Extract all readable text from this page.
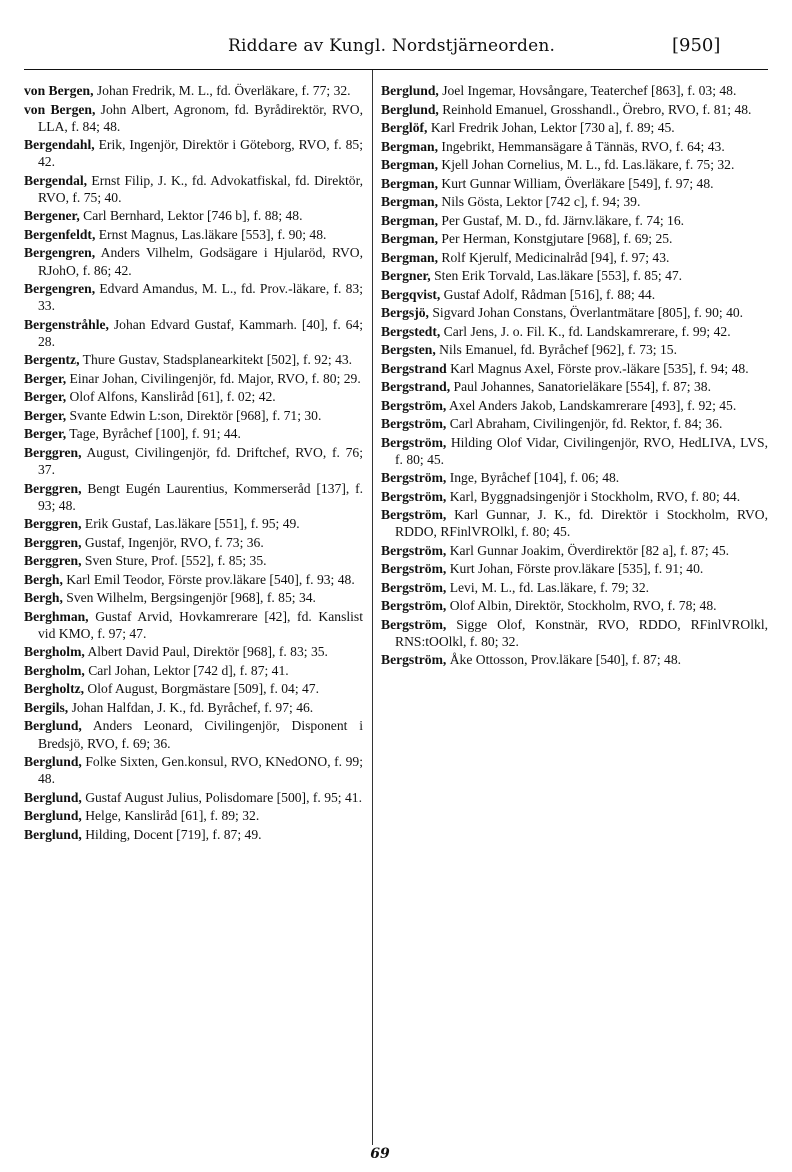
Riddare av Kungl. Nordstjärneorden.	[950]

von Bergen, Johan Fredrik, M. L., fd. Överläkare, f. 77; 32.

von Bergen, John Albert, Agronom, fd. Byrådirektör, RVO, LLA, f. 84; 48.

Bergendahl, Erik, Ingenjör, Direktör i Göteborg, RVO, f. 85; 42.

Bergendal, Ernst Filip, J. K., fd. Advokatfiskal, fd. Direktör, RVO, f. 75; 40.

Bergener, Carl Bernhard, Lektor [746 b], f. 88; 48.

Bergenfeldt, Ernst Magnus, Las.läkare [553], f. 90; 48.

Bergengren, Anders Vilhelm, Godsägare i Hjularöd, RVO, RJohO, f. 86; 42.

Bergengren, Edvard Amandus, M. L., fd. Prov.-läkare, f. 83; 33.

Bergenstråhle, Johan Edvard Gustaf, Kammarh. [40], f. 64; 28.

Bergentz, Thure Gustav, Stadsplanearkitekt [502], f. 92; 43.

Berger, Einar Johan, Civilingenjör, fd. Major, RVO, f. 80; 29.

Berger, Olof Alfons, Kansliråd [61], f. 02; 42.

Berger, Svante Edwin L:son, Direktör [968], f. 71; 30.

Berger, Tage, Byråchef [100], f. 91; 44.

Berggren, August, Civilingenjör, fd. Driftchef, RVO, f. 76; 37.

Berggren, Bengt Eugén Laurentius, Kommerseråd [137], f. 93; 48.

Berggren, Erik Gustaf, Las.läkare [551], f. 95; 49.

Berggren, Gustaf, Ingenjör, RVO, f. 73; 36.

Berggren, Sven Sture, Prof. [552], f. 85; 35.

Bergh, Karl Emil Teodor, Förste prov.läkare [540], f. 93; 48.

Bergh, Sven Wilhelm, Bergsingenjör [968], f. 85; 34.

Berghman, Gustaf Arvid, Hovkamrerare [42], fd. Kanslist vid KMO, f. 97; 47.

Bergholm, Albert David Paul, Direktör [968], f. 83; 35.

Bergholm, Carl Johan, Lektor [742 d], f. 87; 41.

Bergholtz, Olof August, Borgmästare [509], f. 04; 47.

Bergils, Johan Halfdan, J. K., fd. Byråchef, f. 97; 46.

Berglund, Anders Leonard, Civilingenjör, Disponent i Bredsjö, RVO, f. 69; 36.

Berglund, Folke Sixten, Gen.konsul, RVO, KNedONO, f. 99; 48.

Berglund, Gustaf August Julius, Polisdomare [500], f. 95; 41.

Berglund, Helge, Kanslіråd [61], f. 89; 32.

Berglund, Hilding, Docent [719], f. 87; 49.

Berglund, Joel Ingemar, Hovsångare, Teaterchef [863], f. 03; 48.

Berglund, Reinhold Emanuel, Grosshandl., Örebro, RVO, f. 81; 48.

Berglöf, Karl Fredrik Johan, Lektor [730 a], f. 89; 45.

Bergman, Ingebrikt, Hemmansägare å Tännäs, RVO, f. 64; 43.

Bergman, Kjell Johan Cornelius, M. L., fd. Las.läkare, f. 75; 32.

Bergman, Kurt Gunnar William, Överläkare [549], f. 97; 48.

Bergman, Nils Gösta, Lektor [742 c], f. 94; 39.

Bergman, Per Gustaf, M. D., fd. Järnv.läkare, f. 74; 16.

Bergman, Per Herman, Konstgjutare [968], f. 69; 25.

Bergman, Rolf Kjerulf, Medicinalråd [94], f. 97; 43.

Bergner, Sten Erik Torvald, Las.läkare [553], f. 85; 47.

Bergqvist, Gustaf Adolf, Rådman [516], f. 88; 44.

Bergsjö, Sigvard Johan Constans, Överlantmätare [805], f. 90; 40.

Bergstedt, Carl Jens, J. o. Fil. K., fd. Landskamrerare, f. 99; 42.

Bergsten, Nils Emanuel, fd. Byråchef [962], f. 73; 15.

Bergstrand Karl Magnus Axel, Förste prov.-läkare [535], f. 94; 48.

Bergstrand, Paul Johannes, Sanatorieläkare [554], f. 87; 38.

Bergström, Axel Anders Jakob, Landskamrerare [493], f. 92; 45.

Bergström, Carl Abraham, Civilingenjör, fd. Rektor, f. 84; 36.

Bergström, Hilding Olof Vidar, Civilingenjör, RVO, HedLIVA, LVS, f. 80; 45.

Bergström, Inge, Byråchef [104], f. 06; 48.

Bergström, Karl, Byggnadsingenjör i Stockholm, RVO, f. 80; 44.

Bergström, Karl Gunnar, J. K., fd. Direktör i Stockholm, RVO, RDDO, RFinlVROlkl, f. 80; 45.

Bergström, Karl Gunnar Joakim, Överdirektör [82 a], f. 87; 45.

Bergström, Kurt Johan, Förste prov.läkare [535], f. 91; 40.

Bergström, Levi, M. L., fd. Las.läkare, f. 79; 32.

Bergström, Olof Albin, Direktör, Stockholm, RVO, f. 78; 48.

Bergström, Sigge Olof, Konstnär, RVO, RDDO, RFinlVROlkl, RNS:tOOlkl, f. 80; 32.

Bergström, Åke Ottosson, Prov.läkare [540], f. 87; 48.

69
